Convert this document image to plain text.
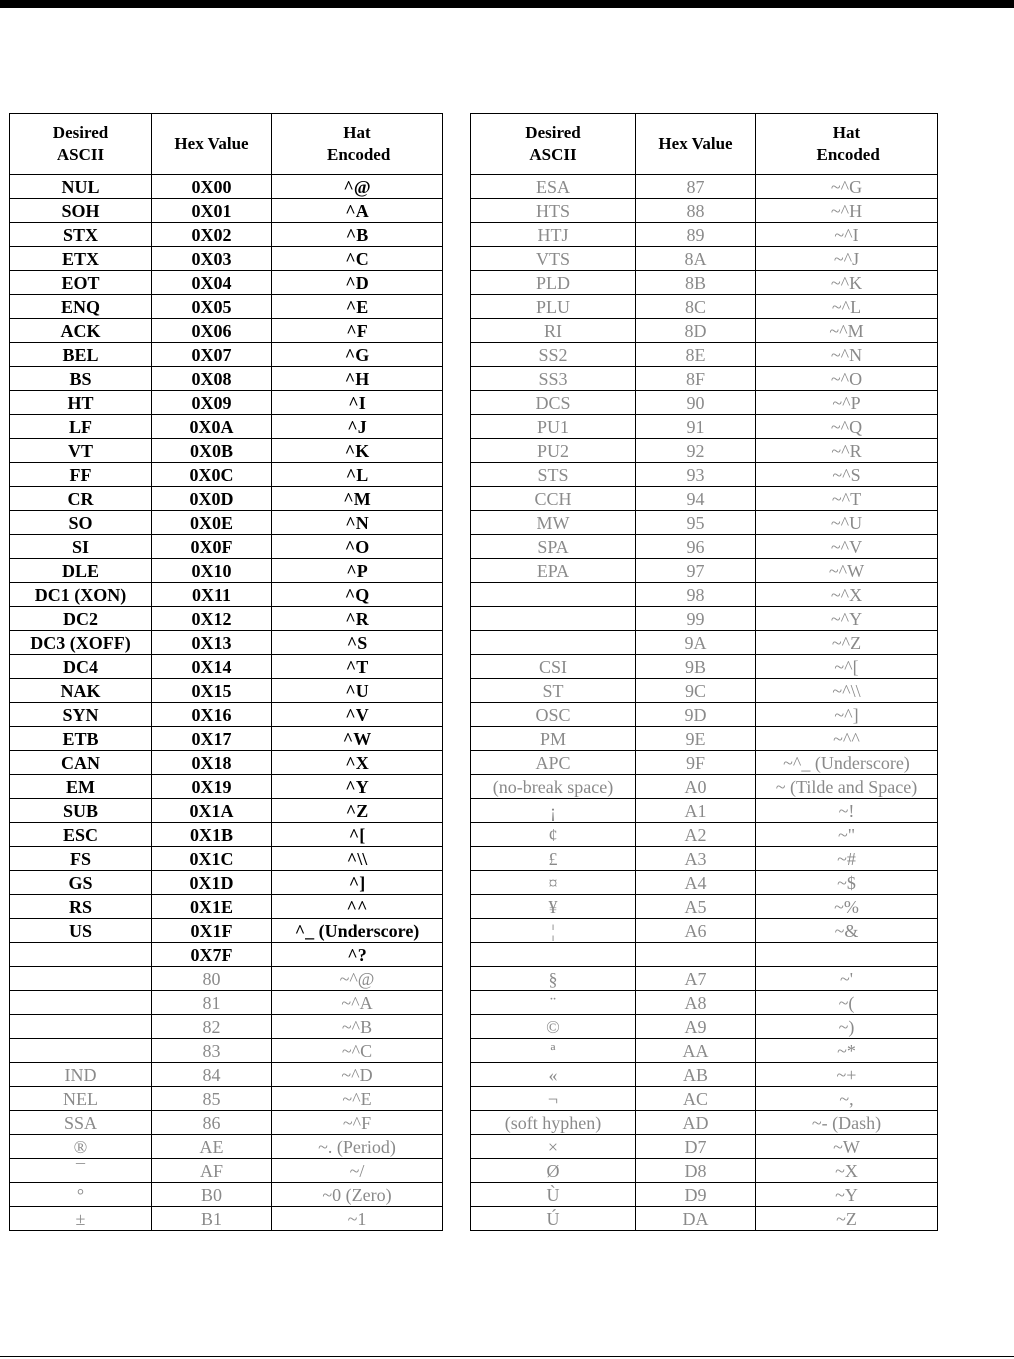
Desired ASCII	Hex Value	Hat Encoded

NUL	0X00	^@
SOH	0X01	^A
STX	0X02	^B
ETX	0X03	^C
EOT	0X04	^D
ENQ	0X05	^E
ACK	0X06	^F
BEL	0X07	^G
BS	0X08	^H
HT	0X09	^I
LF	0X0A	^J
VT	0X0B	^K
FF	0X0C	^L
CR	0X0D	^M
SO	0X0E	^N
SI	0X0F	^O
DLE	0X10	^P
DC1 (XON)	0X11	^Q
DC2	0X12	^R
DC3 (XOFF)	0X13	^S
DC4	0X14	^T
NAK	0X15	^U
SYN	0X16	^V
ETB	0X17	^W
CAN	0X18	^X
EM	0X19	^Y
SUB	0X1A	^Z
ESC	0X1B	^[
FS	0X1C	^\\
GS	0X1D	^]
RS	0X1E	^^
US	0X1F	^_ (Underscore)
	0X7F	^?
	80	~^@
	81	~^A
	82	~^B
	83	~^C
IND	84	~^D
NEL	85	~^E
SSA	86	~^F
®	AE	~. (Period)
¯	AF	~/
°	B0	~0 (Zero)
±	B1	~1
Desired ASCII	Hex Value	Hat Encoded

ESA	87	~^G
HTS	88	~^H
HTJ	89	~^I
VTS	8A	~^J
PLD	8B	~^K
PLU	8C	~^L
RI	8D	~^M
SS2	8E	~^N
SS3	8F	~^O
DCS	90	~^P
PU1	91	~^Q
PU2	92	~^R
STS	93	~^S
CCH	94	~^T
MW	95	~^U
SPA	96	~^V
EPA	97	~^W
	98	~^X
	99	~^Y
	9A	~^Z
CSI	9B	~^[
ST	9C	~^\\
OSC	9D	~^]
PM	9E	~^^
APC	9F	~^_ (Underscore)
(no-break space)	A0	~ (Tilde and Space)
¡	A1	~!
¢	A2	~"
£	A3	~#
¤	A4	~$
¥	A5	~%
¦	A6	~&

§	A7	~'
¨	A8	~(
©	A9	~)
ª	AA	~*
«	AB	~+
¬	AC	~,
(soft hyphen)	AD	~- (Dash)
×	D7	~W
Ø	D8	~X
Ù	D9	~Y
Ú	DA	~Z
